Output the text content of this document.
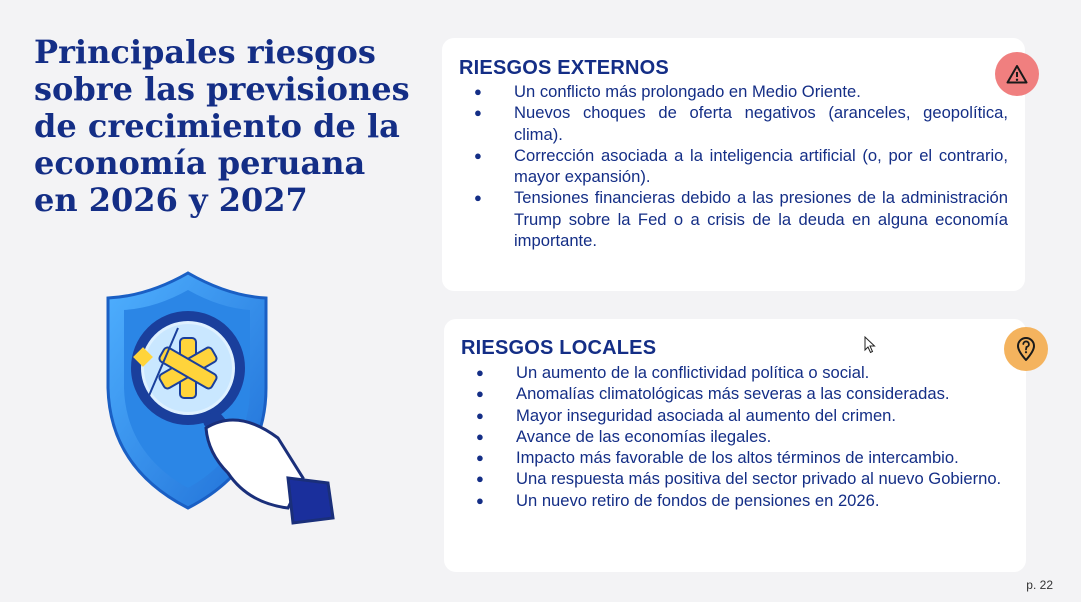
Principales riesgos
sobre las previsiones
de crecimiento de la
economía peruana
en 2026 y 2027
RIESGOS EXTERNOS
● Un conflicto más prolongado en Medio Oriente.
● Nuevos choques de oferta negativos (aranceles, geopolítica, clima).
● Corrección asociada a la inteligencia artificial (o, por el contrario, mayor expansión).
● Tensiones financieras debido a las presiones de la administración Trump sobre la Fed o a crisis de la deuda en alguna economía importante.
RIESGOS LOCALES
● Un aumento de la conflictividad política o social.
● Anomalías climatológicas más severas a las consideradas.
● Mayor inseguridad asociada al aumento del crimen.
● Avance de las economías ilegales.
● Impacto más favorable de los altos términos de intercambio.
● Una respuesta más positiva del sector privado al nuevo Gobierno.
● Un nuevo retiro de fondos de pensiones en 2026.
p. 22
